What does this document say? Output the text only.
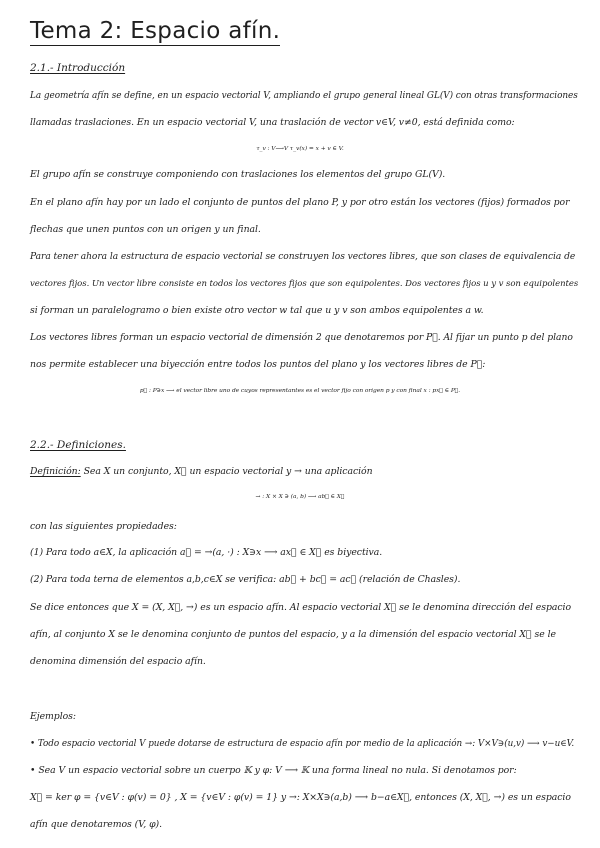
Tema 2: Espacio afín.
2.1.- Introducción
La geometría afín se define, en un espacio vectorial V, ampliando el grupo general lineal GL(V) con otras transformaciones
llamadas traslaciones. En un espacio vectorial V, una traslación de vector v∈V, v≠0, está definida como:
τ_v : V⟶V τ_v(x) = x + v ∈ V.
El grupo afín se construye componiendo con traslaciones los elementos del grupo GL(V).
En el plano afín hay por un lado el conjunto de puntos del plano P, y por otro están los vectores (fijos) formados por
flechas que unen puntos con un origen y un final.
Para tener ahora la estructura de espacio vectorial se construyen los vectores libres, que son clases de equivalencia de
vectores fijos. Un vector libre consiste en todos los vectores fijos que son equipolentes. Dos vectores fijos u y v son equipolentes
si forman un paralelogramo o bien existe otro vector w tal que u y v son ambos equipolentes a w.
Los vectores libres forman un espacio vectorial de dimensión 2 que denotaremos por P⃗. Al fijar un punto p del plano
nos permite establecer una biyección entre todos los puntos del plano y los vectores libres de P⃗:
p⃗ : P∋x ⟶ el vector libre uno de cuyos representantes es el vector fijo con origen p y con final x : px⃗ ∈ P⃗.
2.2.- Definiciones.
Definición: Sea X un conjunto, X⃗ un espacio vectorial y → una aplicación
→ : X × X ∋ (a, b) ⟶ ab⃗ ∈ X⃗
con las siguientes propiedades:
(1) Para todo a∈X, la aplicación a⃗ = →(a, ·) : X∋x ⟶ ax⃗ ∈ X⃗ es biyectiva.
(2) Para toda terna de elementos a,b,c∈X se verifica: ab⃗ + bc⃗ = ac⃗ (relación de Chasles).
Se dice entonces que X = (X, X⃗, →) es un espacio afín. Al espacio vectorial X⃗ se le denomina dirección del espacio
afín, al conjunto X se le denomina conjunto de puntos del espacio, y a la dimensión del espacio vectorial X⃗ se le
denomina dimensión del espacio afín.
Ejemplos:
• Todo espacio vectorial V puede dotarse de estructura de espacio afín por medio de la aplicación →: V×V∋(u,v) ⟶ v−u∈V.
• Sea V un espacio vectorial sobre un cuerpo 𝕂 y φ: V ⟶ 𝕂 una forma lineal no nula. Si denotamos por:
X⃗ = ker φ = {v∈V : φ(v) = 0} , X = {v∈V : φ(v) = 1} y →: X×X∋(a,b) ⟶ b−a∈X⃗, entonces (X, X⃗, →) es un espacio
afín que denotaremos (V, φ).
